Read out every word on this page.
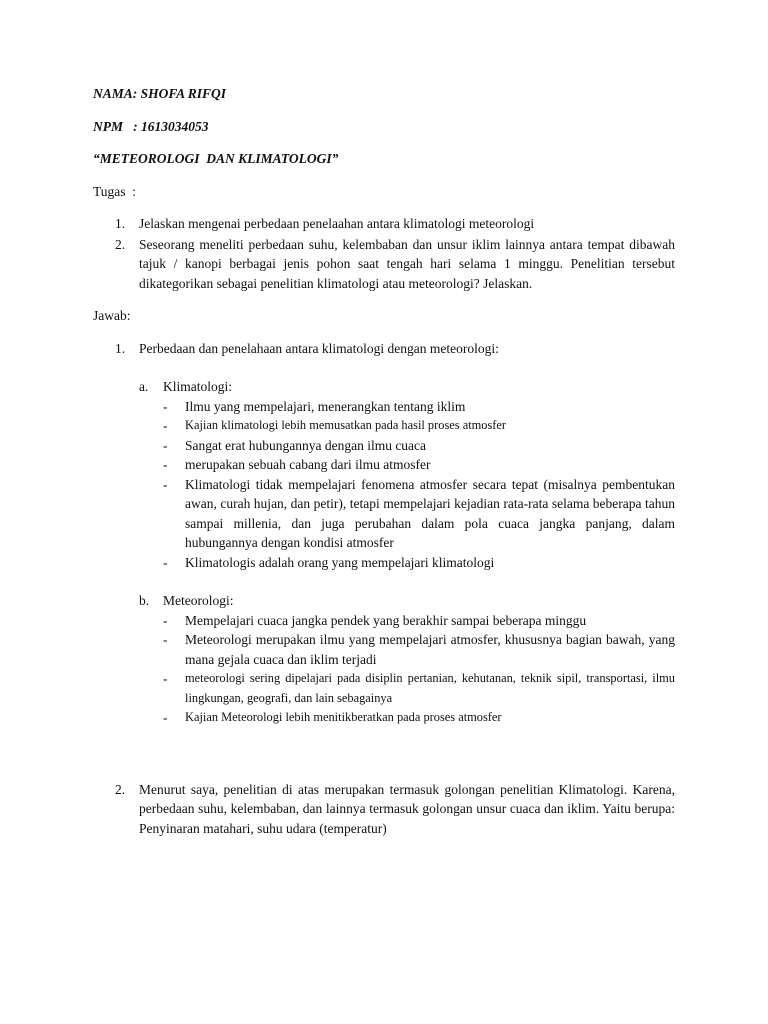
NAMA: SHOFA RIFQI
NPM   : 1613034053
“METEOROLOGI  DAN KLIMATOLOGI”
Tugas  :
1.	Jelaskan mengenai perbedaan penelaahan antara klimatologi meteorologi
2.	Seseorang meneliti perbedaan suhu, kelembaban dan unsur iklim lainnya antara tempat dibawah tajuk / kanopi berbagai jenis pohon saat tengah hari selama 1 minggu. Penelitian tersebut dikategorikan sebagai penelitian klimatologi atau meteorologi? Jelaskan.
Jawab:
1.	Perbedaan dan penelahaan antara klimatologi dengan meteorologi:
a.	Klimatologi:
-	Ilmu yang mempelajari, menerangkan tentang iklim
-	Kajian klimatologi lebih memusatkan pada hasil proses atmosfer
-	Sangat erat hubungannya dengan ilmu cuaca
-	merupakan sebuah cabang dari ilmu atmosfer
-	Klimatologi tidak mempelajari fenomena atmosfer secara tepat (misalnya pembentukan awan, curah hujan, dan petir), tetapi mempelajari kejadian rata-rata selama beberapa tahun sampai millenia, dan juga perubahan dalam pola cuaca jangka panjang, dalam hubungannya dengan kondisi atmosfer
-	Klimatologis adalah orang yang mempelajari klimatologi
b.	Meteorologi:
-	Mempelajari cuaca jangka pendek yang berakhir sampai beberapa minggu
-	Meteorologi merupakan ilmu yang mempelajari atmosfer, khususnya bagian bawah, yang mana gejala cuaca dan iklim terjadi
-	meteorologi sering dipelajari pada disiplin pertanian, kehutanan, teknik sipil, transportasi, ilmu lingkungan, geografi, dan lain sebagainya
-	Kajian Meteorologi lebih menitikberatkan pada proses atmosfer
2.	Menurut saya, penelitian di atas merupakan termasuk golongan penelitian Klimatologi. Karena, perbedaan suhu, kelembaban, dan lainnya termasuk golongan unsur cuaca dan iklim. Yaitu berupa: Penyinaran matahari, suhu udara (temperatur)
